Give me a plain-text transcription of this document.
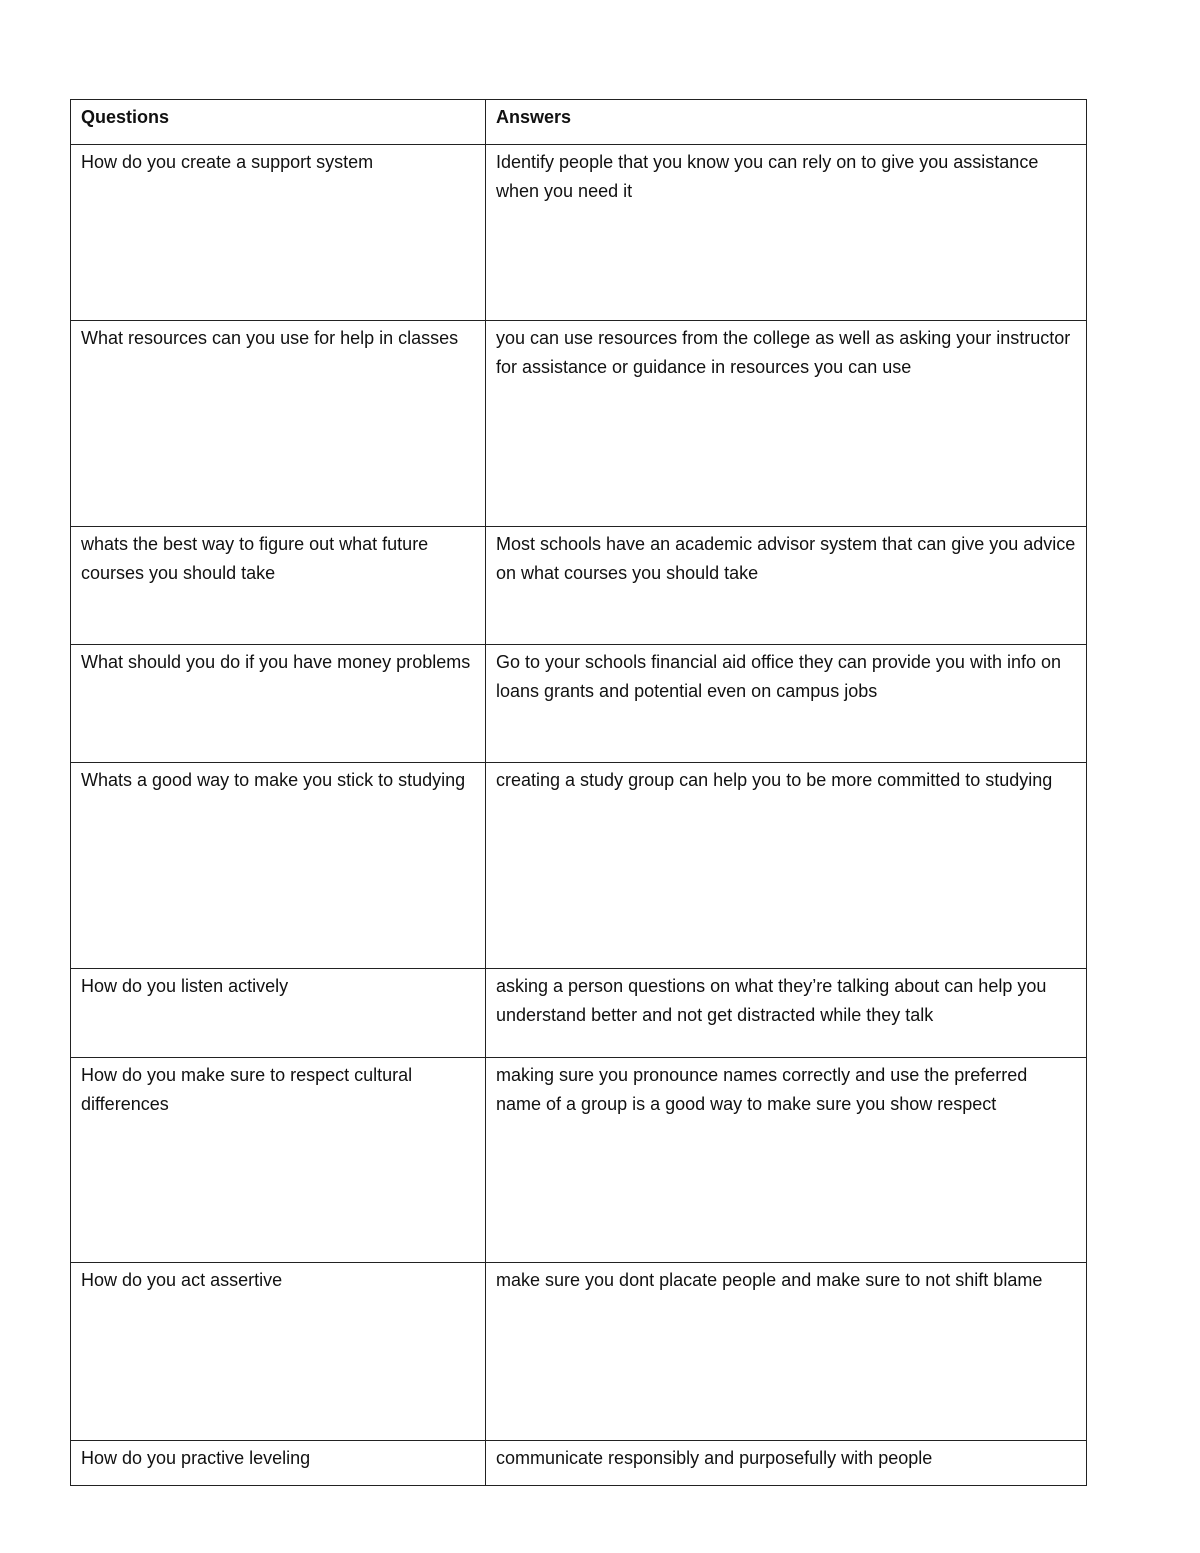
Questions	Answers
How do you create a support system	Identify people that you know you can rely on to give you assistance when you need it
What resources can you use for help in classes	you can use resources from the college as well as asking your instructor for assistance or guidance in resources you can use
whats the best way to figure out what future courses you should take	Most schools have an academic advisor system that can give you advice on what courses you should take
What should you do if you have money problems	Go to your schools financial aid office they can provide you with info on loans grants and potential even on campus jobs
Whats a good way to make you stick to studying	creating a study group can help you to be more committed to studying
How do you listen actively	asking a person questions on what they’re talking about can help you understand better and not get distracted while they talk
How do you make sure to respect cultural differences	making sure you pronounce names correctly and use the preferred name of a group is a good way to make sure you show respect
How do you act assertive	make sure you dont placate people and make sure to not shift blame
How do you practive leveling	communicate responsibly and purposefully with people
